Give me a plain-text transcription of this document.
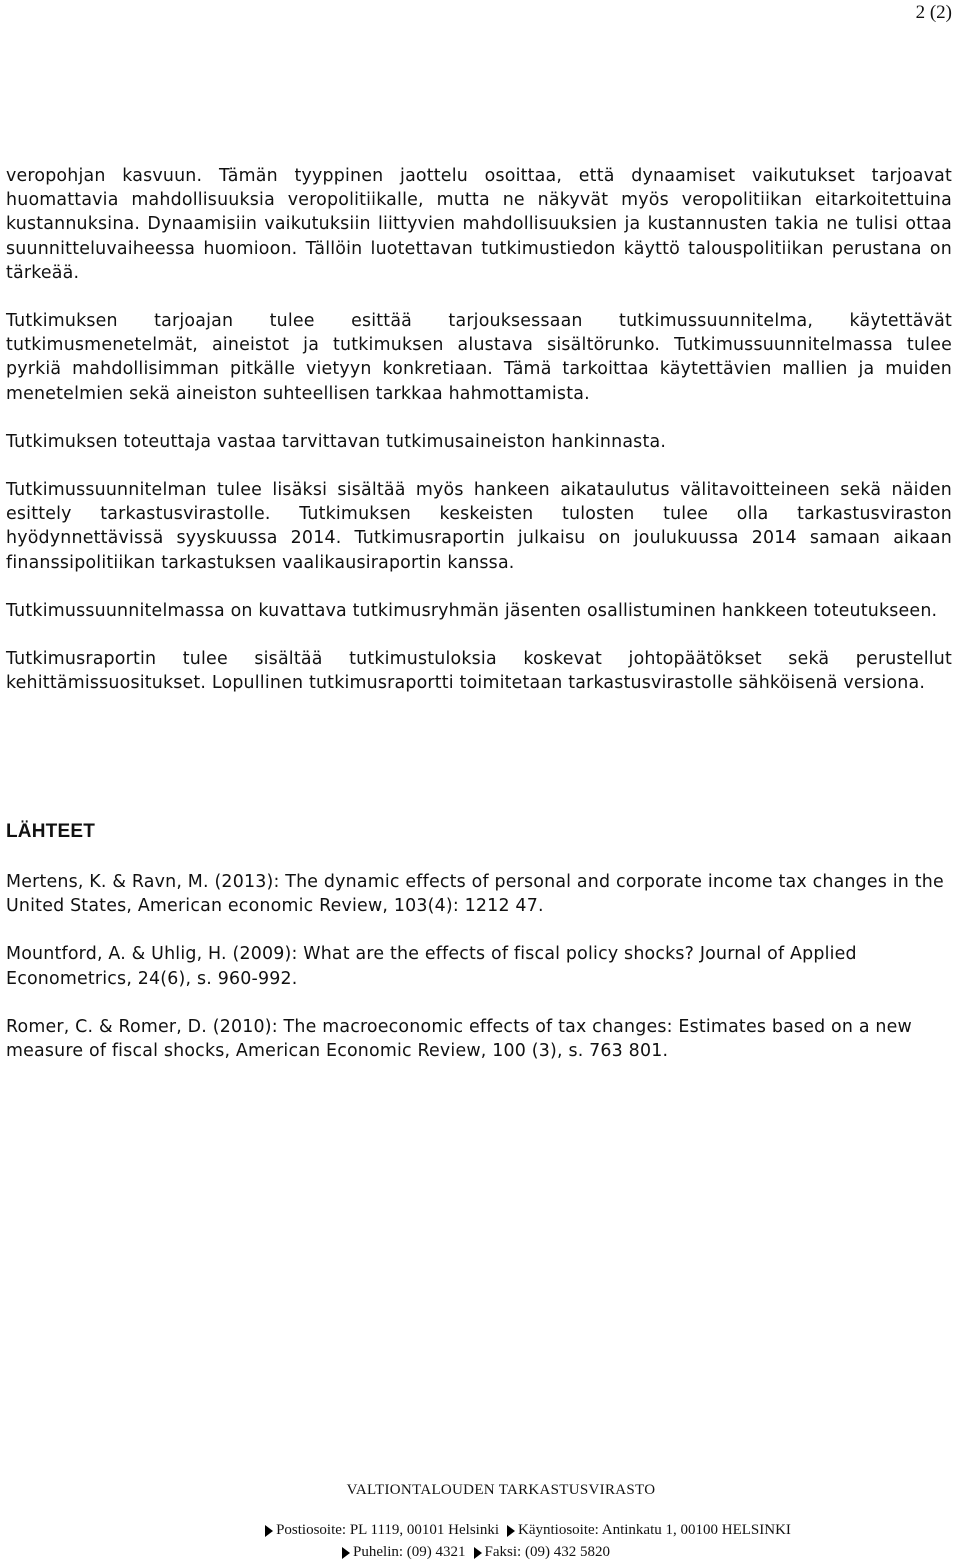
2 (2)

veropohjan kasvuun. Tämän tyyppinen jaottelu osoittaa, että dynaamiset vaikutukset tarjoavat huomattavia mahdollisuuksia veropolitiikalle, mutta ne näkyvät myös veropolitiikan eitarkoitettuina kustannuksina. Dynaamisiin vaikutuksiin liittyvien mahdollisuuksien ja kustannusten takia ne tulisi ottaa suunnitteluvaiheessa huomioon. Tällöin luotettavan tutkimustiedon käyttö talouspolitiikan perustana on tärkeää.

Tutkimuksen tarjoajan tulee esittää tarjouksessaan tutkimussuunnitelma, käytettävät tutkimusmenetelmät, aineistot ja tutkimuksen alustava sisältörunko. Tutkimussuunnitelmassa tulee pyrkiä mahdollisimman pitkälle vietyyn konkretiaan. Tämä tarkoittaa käytettävien mallien ja muiden menetelmien sekä aineiston suhteellisen tarkkaa hahmottamista.

Tutkimuksen toteuttaja vastaa tarvittavan tutkimusaineiston hankinnasta.

Tutkimussuunnitelman tulee lisäksi sisältää myös hankeen aikataulutus välitavoitteineen sekä näiden esittely tarkastusvirastolle. Tutkimuksen keskeisten tulosten tulee olla tarkastusviraston hyödynnettävissä syyskuussa 2014. Tutkimusraportin julkaisu on joulukuussa 2014 samaan aikaan finanssipolitiikan tarkastuksen vaalikausiraportin kanssa.

Tutkimussuunnitelmassa on kuvattava tutkimusryhmän jäsenten osallistuminen hankkeen toteutukseen.

Tutkimusraportin tulee sisältää tutkimustuloksia koskevat johtopäätökset sekä perustellut kehittämissuositukset. Lopullinen tutkimusraportti toimitetaan tarkastusvirastolle sähköisenä versiona.

LÄHTEET

Mertens, K. & Ravn, M. (2013): The dynamic effects of personal and corporate income tax changes in the United States, American economic Review, 103(4): 1212 47.

Mountford, A. & Uhlig, H. (2009): What are the effects of fiscal policy shocks? Journal of Applied Econometrics, 24(6), s. 960-992.

Romer, C. & Romer, D. (2010): The macroeconomic effects of tax changes: Estimates based on a new measure of fiscal shocks, American Economic Review, 100 (3), s. 763 801.

VALTIONTALOUDEN TARKASTUSVIRASTO
Postiosoite: PL 1119, 00101 Helsinki Käyntiosoite: Antinkatu 1, 00100 HELSINKI
Puhelin: (09) 4321 Faksi: (09) 432 5820
